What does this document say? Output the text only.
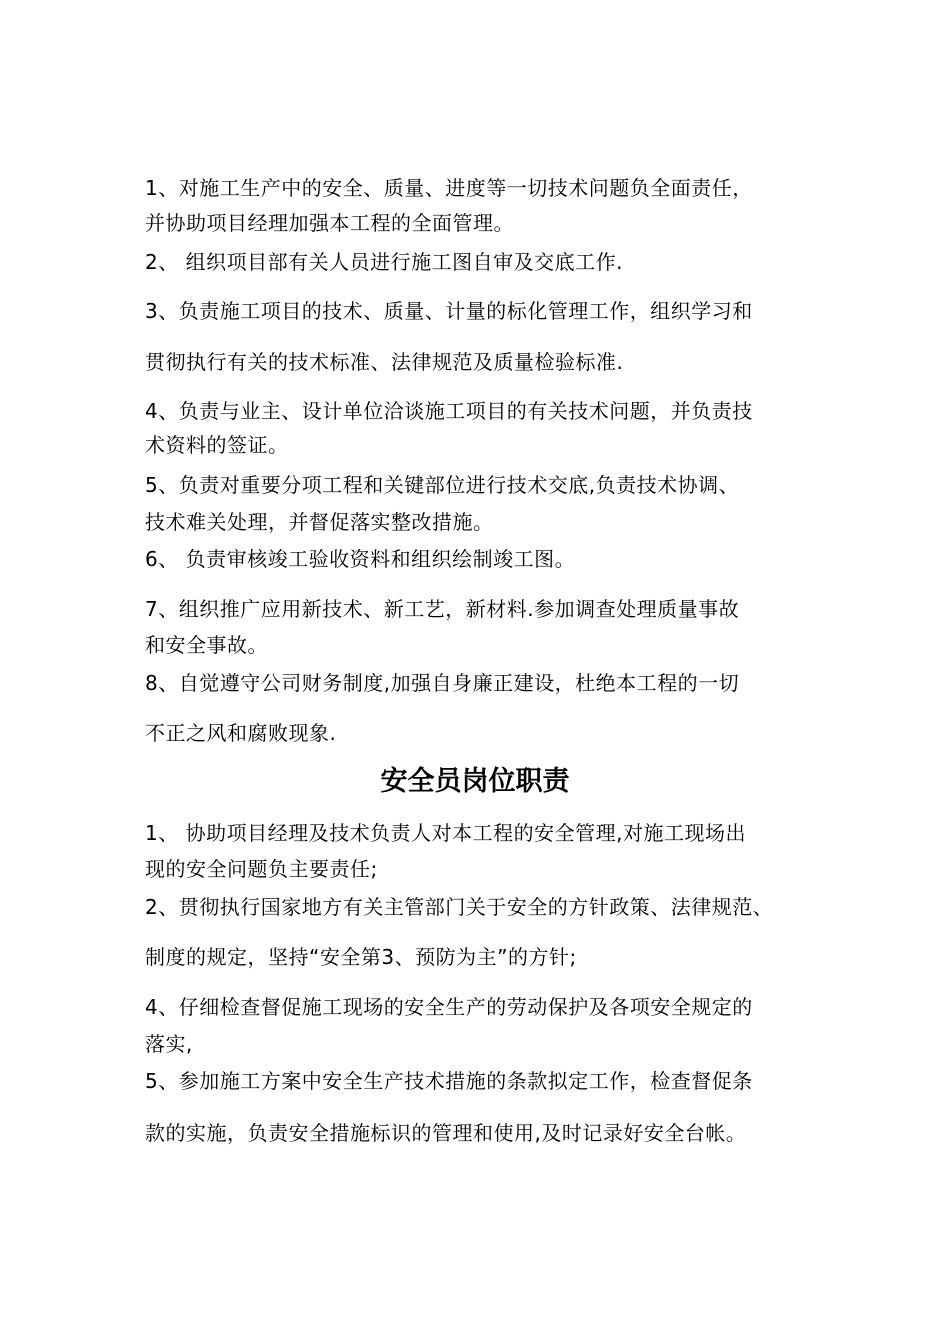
1、对施工生产中的安全、质量、进度等一切技术问题负全面责任，
并协助项目经理加强本工程的全面管理。
2、 组织项目部有关人员进行施工图自审及交底工作.
3、负责施工项目的技术、质量、计量的标化管理工作，组织学习和
贯彻执行有关的技术标准、法律规范及质量检验标准.
4、负责与业主、设计单位洽谈施工项目的有关技术问题，并负责技
术资料的签证。
5、负责对重要分项工程和关键部位进行技术交底,负责技术协调、
技术难关处理，并督促落实整改措施。
6、 负责审核竣工验收资料和组织绘制竣工图。
7、组织推广应用新技术、新工艺，新材料.参加调查处理质量事故
和安全事故。
8、自觉遵守公司财务制度,加强自身廉正建设，杜绝本工程的一切
不正之风和腐败现象.
安全员岗位职责
1、 协助项目经理及技术负责人对本工程的安全管理,对施工现场出
现的安全问题负主要责任;
2、贯彻执行国家地方有关主管部门关于安全的方针政策、法律规范、
制度的规定，坚持“安全第3、预防为主”的方针;
4、仔细检查督促施工现场的安全生产的劳动保护及各项安全规定的
落实,
5、参加施工方案中安全生产技术措施的条款拟定工作，检查督促条
款的实施，负责安全措施标识的管理和使用,及时记录好安全台帐。
